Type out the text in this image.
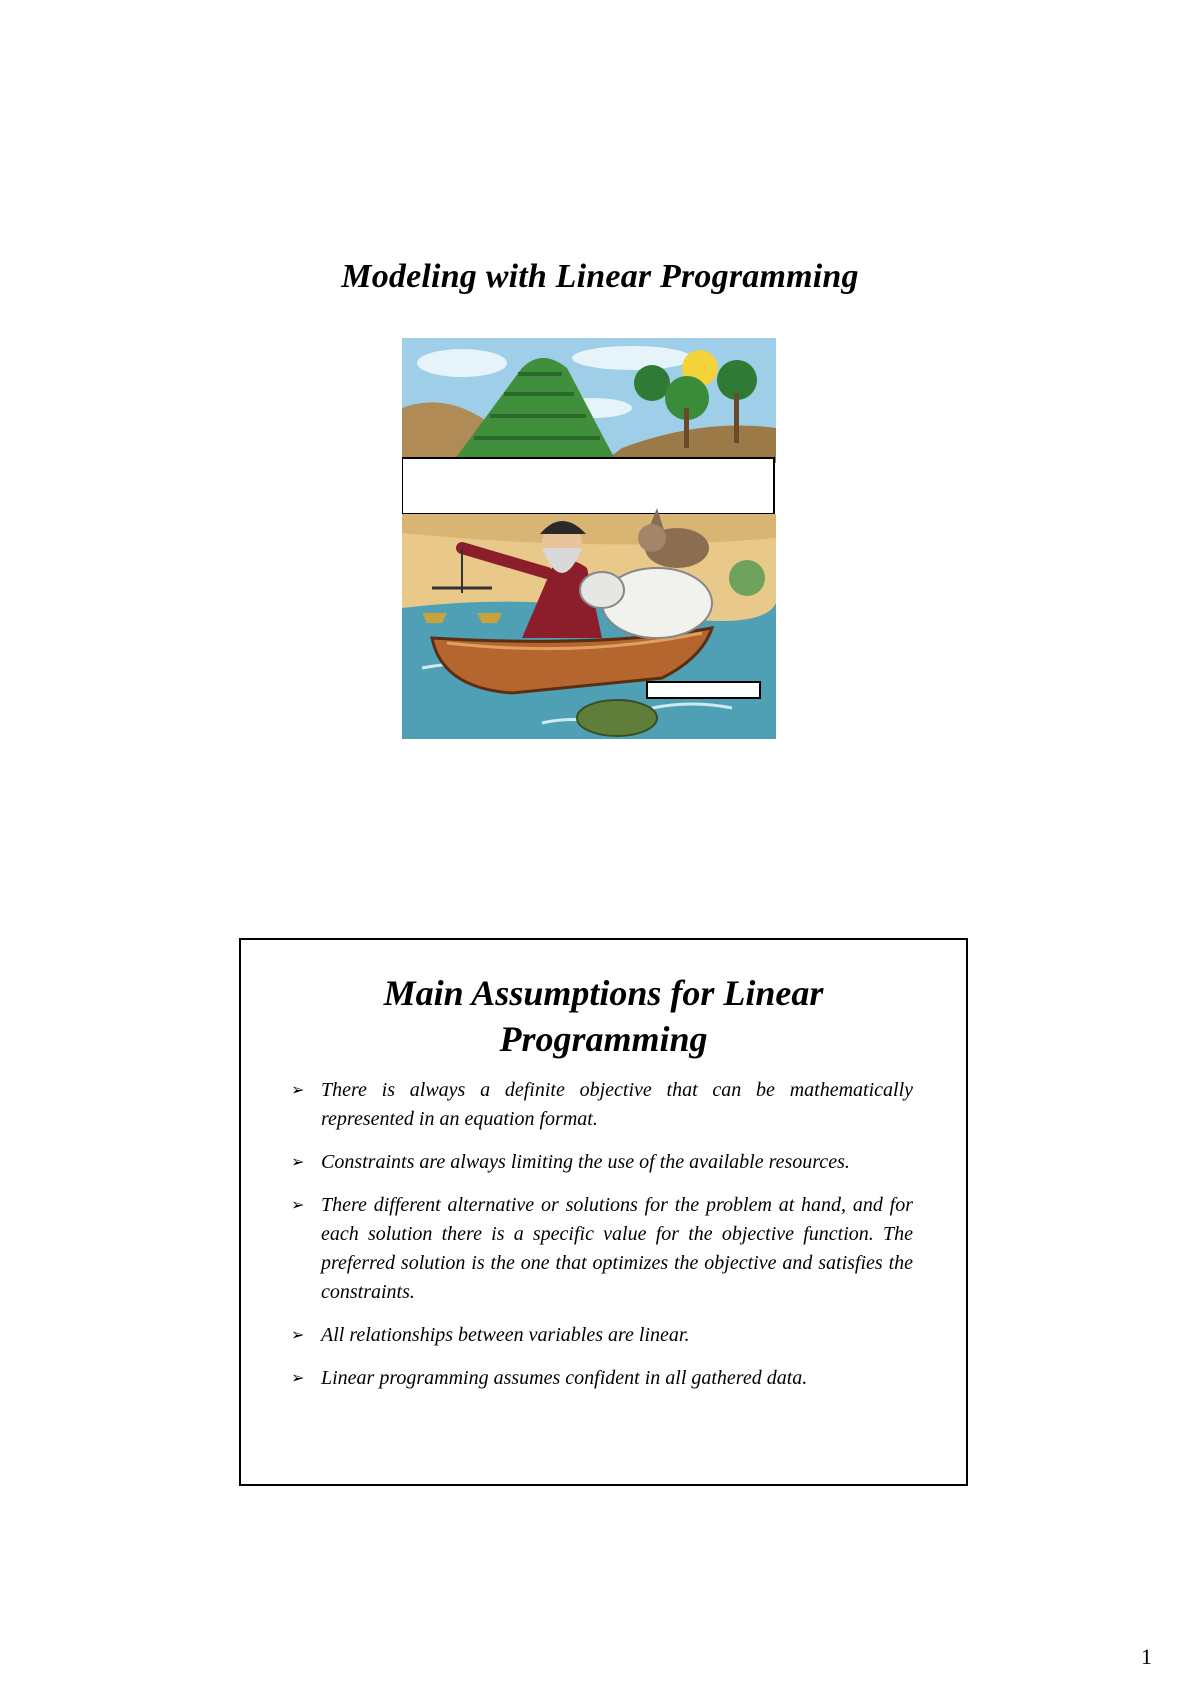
Modeling with Linear Programming
Main Assumptions for Linear
Programming
➢ There is always a definite objective that can be mathematically represented in an equation format.
➢ Constraints are always limiting the use of the available resources.
➢ There different alternative or solutions for the problem at hand, and for each solution there is a specific value for the objective function. The preferred solution is the one that optimizes the objective and satisfies the constraints.
➢ All relationships between variables are linear.
➢ Linear programming assumes confident in all gathered data.
1
